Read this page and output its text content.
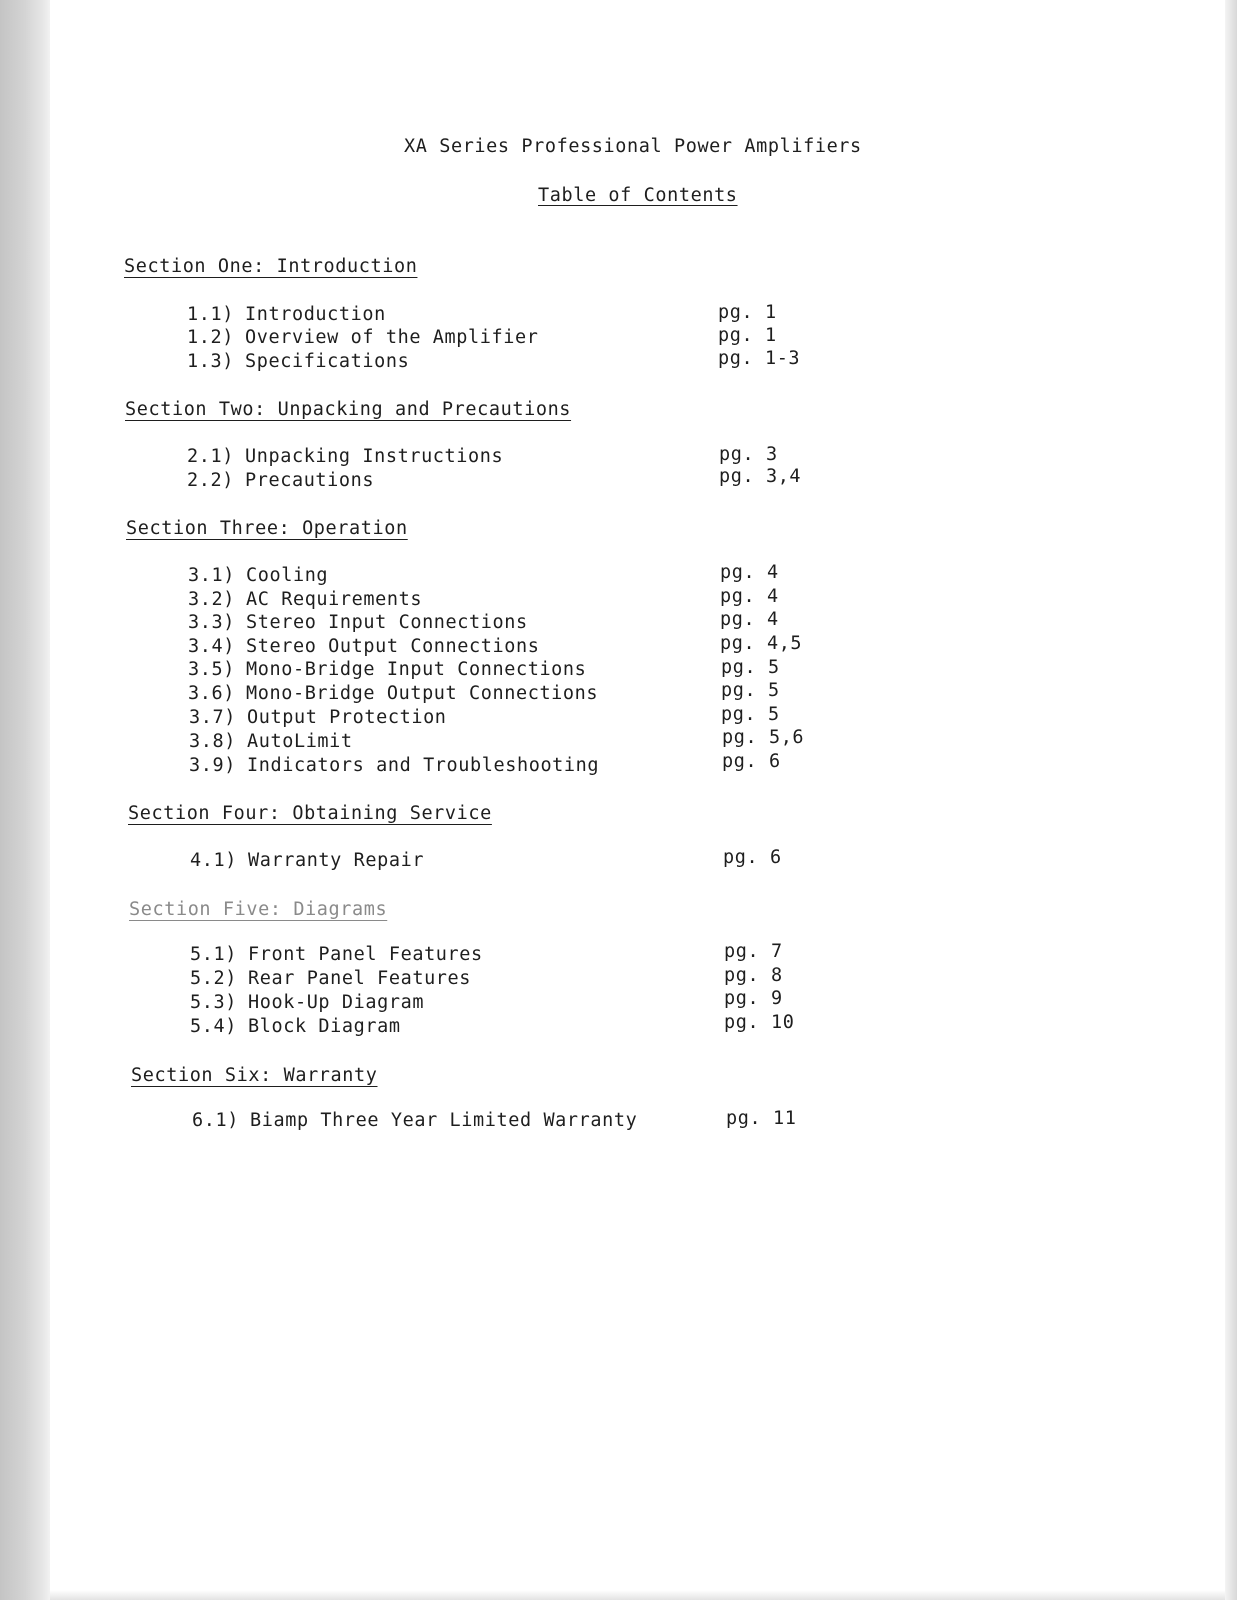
XA Series Professional Power Amplifiers
Table of Contents
Section One: Introduction
1.1) Introduction	pg. 1
1.2) Overview of the Amplifier	pg. 1
1.3) Specifications	pg. 1-3
Section Two: Unpacking and Precautions
2.1) Unpacking Instructions	pg. 3
2.2) Precautions	pg. 3,4
Section Three: Operation
3.1) Cooling	pg. 4
3.2) AC Requirements	pg. 4
3.3) Stereo Input Connections	pg. 4
3.4) Stereo Output Connections	pg. 4,5
3.5) Mono-Bridge Input Connections	pg. 5
3.6) Mono-Bridge Output Connections	pg. 5
3.7) Output Protection	pg. 5
3.8) AutoLimit	pg. 5,6
3.9) Indicators and Troubleshooting	pg. 6
Section Four: Obtaining Service
4.1) Warranty Repair	pg. 6
Section Five: Diagrams
5.1) Front Panel Features	pg. 7
5.2) Rear Panel Features	pg. 8
5.3) Hook-Up Diagram	pg. 9
5.4) Block Diagram	pg. 10
Section Six: Warranty
6.1) Biamp Three Year Limited Warranty	pg. 11
